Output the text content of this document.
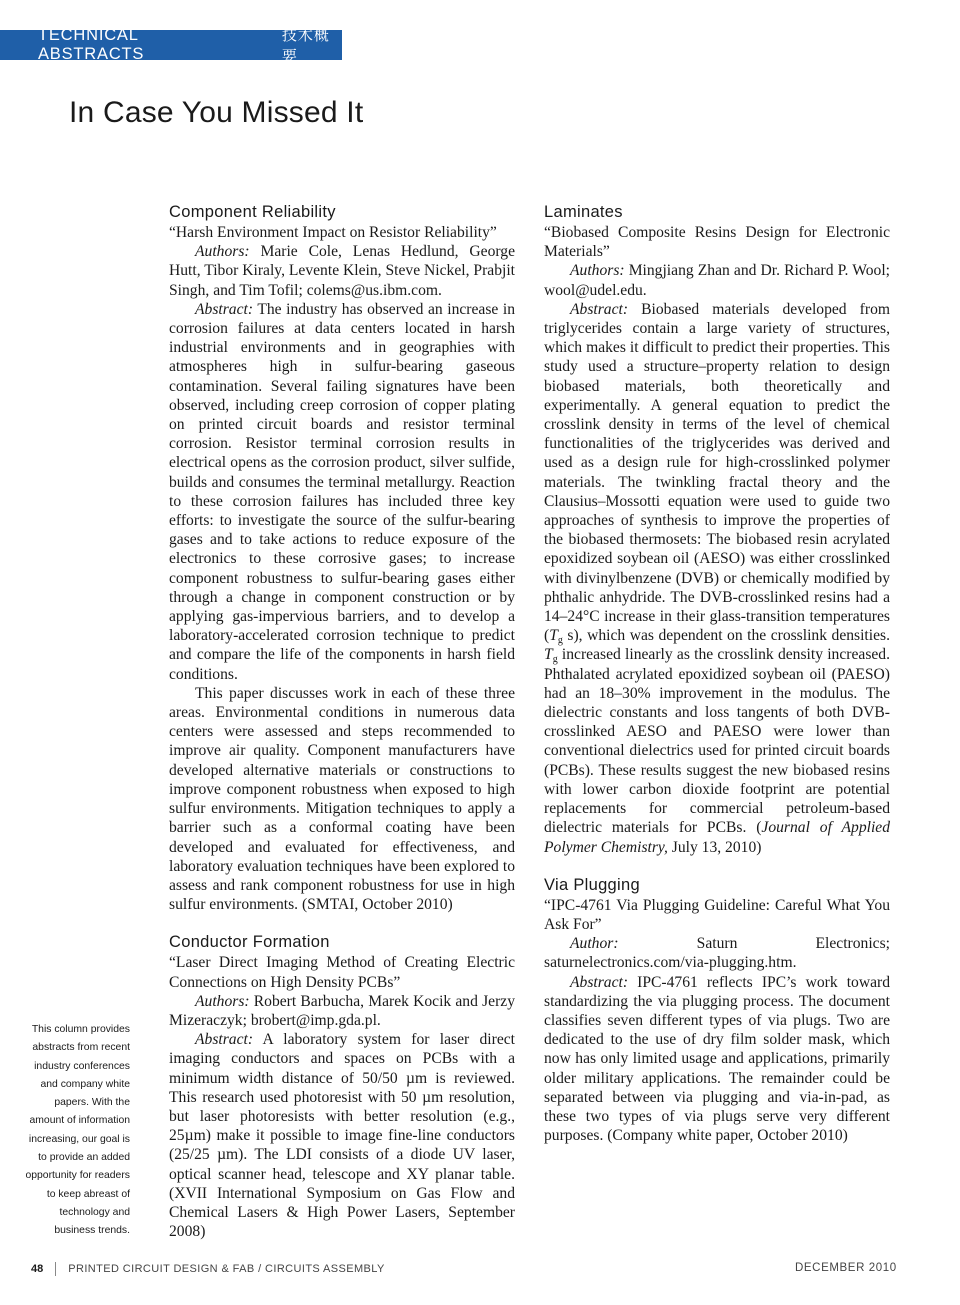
TECHNICAL ABSTRACTS
技术概要
In Case You Missed It
Component Reliability

“Harsh Environment Impact on Resistor Reliability”

Authors: Marie Cole, Lenas Hedlund, George Hutt, Tibor Kiraly, Levente Klein, Steve Nickel, Prabjit Singh, and Tim Tofil; colems@us.ibm.com.

Abstract: The industry has observed an increase in corrosion failures at data centers located in harsh industrial environments and in geographies with atmospheres high in sulfur-bearing gaseous contamination. Several failing signatures have been observed, including creep corrosion of copper plating on printed circuit boards and resistor terminal corrosion. Resistor terminal corrosion results in electrical opens as the corrosion product, silver sulfide, builds and consumes the terminal metallurgy. Reaction to these corrosion failures has included three key efforts: to investigate the source of the sulfur-bearing gases and to take actions to reduce exposure of the electronics to these corrosive gases; to increase component robustness to sulfur-bearing gases either through a change in component construction or by applying gas-impervious barriers, and to develop a laboratory-accelerated corrosion technique to predict and compare the life of the components in harsh field conditions.

This paper discusses work in each of these three areas. Environmental conditions in numerous data centers were assessed and steps recommended to improve air quality. Component manufacturers have developed alternative materials or constructions to improve component robustness when exposed to high sulfur environments. Mitigation techniques to apply a barrier such as a conformal coating have been developed and evaluated for effectiveness, and laboratory evaluation techniques have been explored to assess and rank component robustness for use in high sulfur environments. (SMTAI, October 2010)

Conductor Formation

“Laser Direct Imaging Method of Creating Electric Connections on High Density PCBs”

Authors: Robert Barbucha, Marek Kocik and Jerzy Mizeraczyk; brobert@imp.gda.pl.

Abstract: A laboratory system for laser direct imaging conductors and spaces on PCBs with a minimum width distance of 50/50 µm is reviewed. This research used photoresist with 50 µm resolution, but laser photoresists with better resolution (e.g., 25µm) make it possible to image fine-line conductors (25/25 µm). The LDI consists of a diode UV laser, optical scanner head, telescope and XY planar table. (XVII International Symposium on Gas Flow and Chemical Lasers & High Power Lasers, September 2008)

Laminates

“Biobased Composite Resins Design for Electronic Materials”

Authors: Mingjiang Zhan and Dr. Richard P. Wool; wool@udel.edu.

Abstract: Biobased materials developed from triglycerides contain a large variety of structures, which makes it difficult to predict their properties. This study used a structure–property relation to design biobased materials, both theoretically and experimentally. A general equation to predict the crosslink density in terms of the level of chemical functionalities of the triglycerides was derived and used as a design rule for high-crosslinked polymer materials. The twinkling fractal theory and the Clausius–Mossotti equation were used to guide two approaches of synthesis to improve the properties of the biobased thermosets: The biobased resin acrylated epoxidized soybean oil (AESO) was either crosslinked with divinylbenzene (DVB) or chemically modified by phthalic anhydride. The DVB-crosslinked resins had a 14–24°C increase in their glass-transition temperatures ($T_g$ s), which was dependent on the crosslink densities. $T_g$ increased linearly as the crosslink density increased. Phthalated acrylated epoxidized soybean oil (PAESO) had an 18–30% improvement in the modulus. The dielectric constants and loss tangents of both DVB-crosslinked AESO and PAESO were lower than conventional dielectrics used for printed circuit boards (PCBs). These results suggest the new biobased resins with lower carbon dioxide footprint are potential replacements for commercial petroleum-based dielectric materials for PCBs. (Journal of Applied Polymer Chemistry, July 13, 2010)

Via Plugging

“IPC-4761 Via Plugging Guideline: Careful What You Ask For”

Author:	Saturn Electronics; saturnelectronics.com/via-plugging.htm.

Abstract: IPC-4761 reflects IPC’s work toward standardizing the via plugging process. The document classifies seven different types of via plugs. Two are dedicated to the use of dry film solder mask, which now has only limited usage and applications, primarily older military applications. The remainder could be separated between via plugging and via-in-pad, as these two types of via plugs serve very different purposes. (Company white paper, October 2010)

This column provides abstracts from recent industry conferences and company white papers. With the amount of information increasing, our goal is to provide an added opportunity for readers to keep abreast of technology and business trends.
48 PRINTED CIRCUIT DESIGN & FAB / CIRCUITS ASSEMBLY	DECEMBER 2010
